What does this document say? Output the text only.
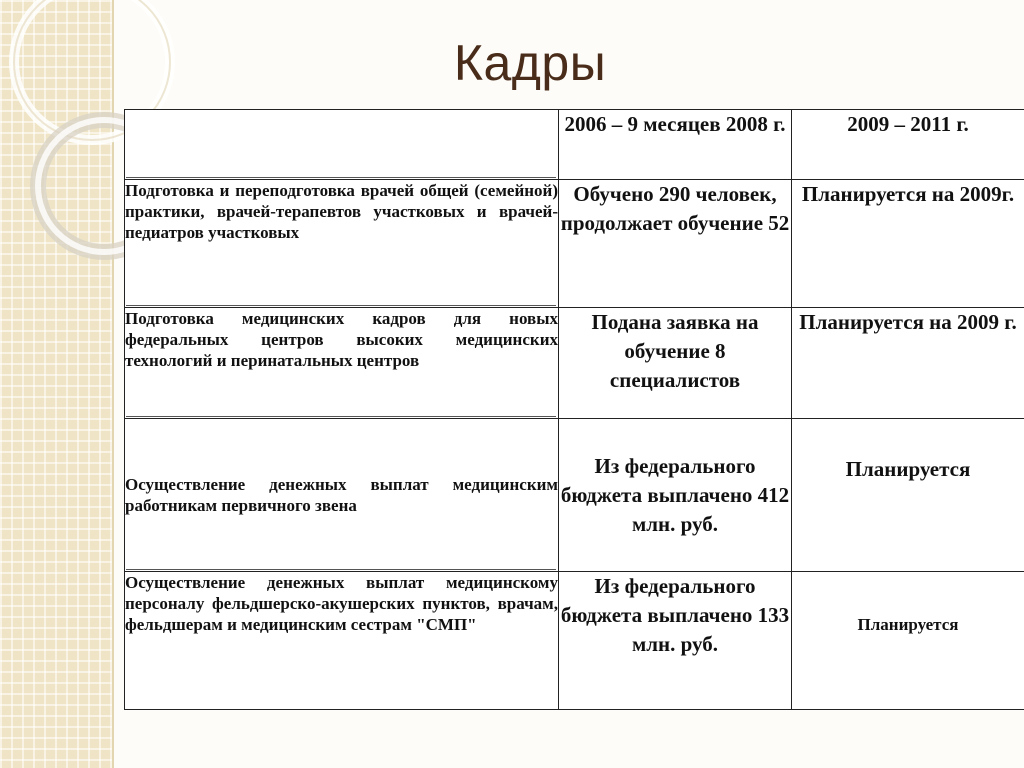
Кадры
	2006 – 9 месяцев 2008 г.	2009 – 2011 г.
Подготовка и переподготовка врачей общей (семейной) практики, врачей-терапевтов участковых и врачей-педиатров участковых	Обучено 290 человек, продолжает обучение 52	Планируется на 2009г.
Подготовка медицинских кадров для новых федеральных центров высоких медицинских технологий и перинатальных центров	Подана заявка на обучение 8 специалистов	Планируется на 2009 г.
Осуществление денежных выплат медицинским работникам первичного звена	Из федерального бюджета выплачено 412 млн. руб.	Планируется
Осуществление денежных выплат медицинскому персоналу фельдшерско-акушерских пунктов, врачам, фельдшерам и медицинским сестрам "СМП"	Из федерального бюджета выплачено 133 млн. руб.	Планируется
